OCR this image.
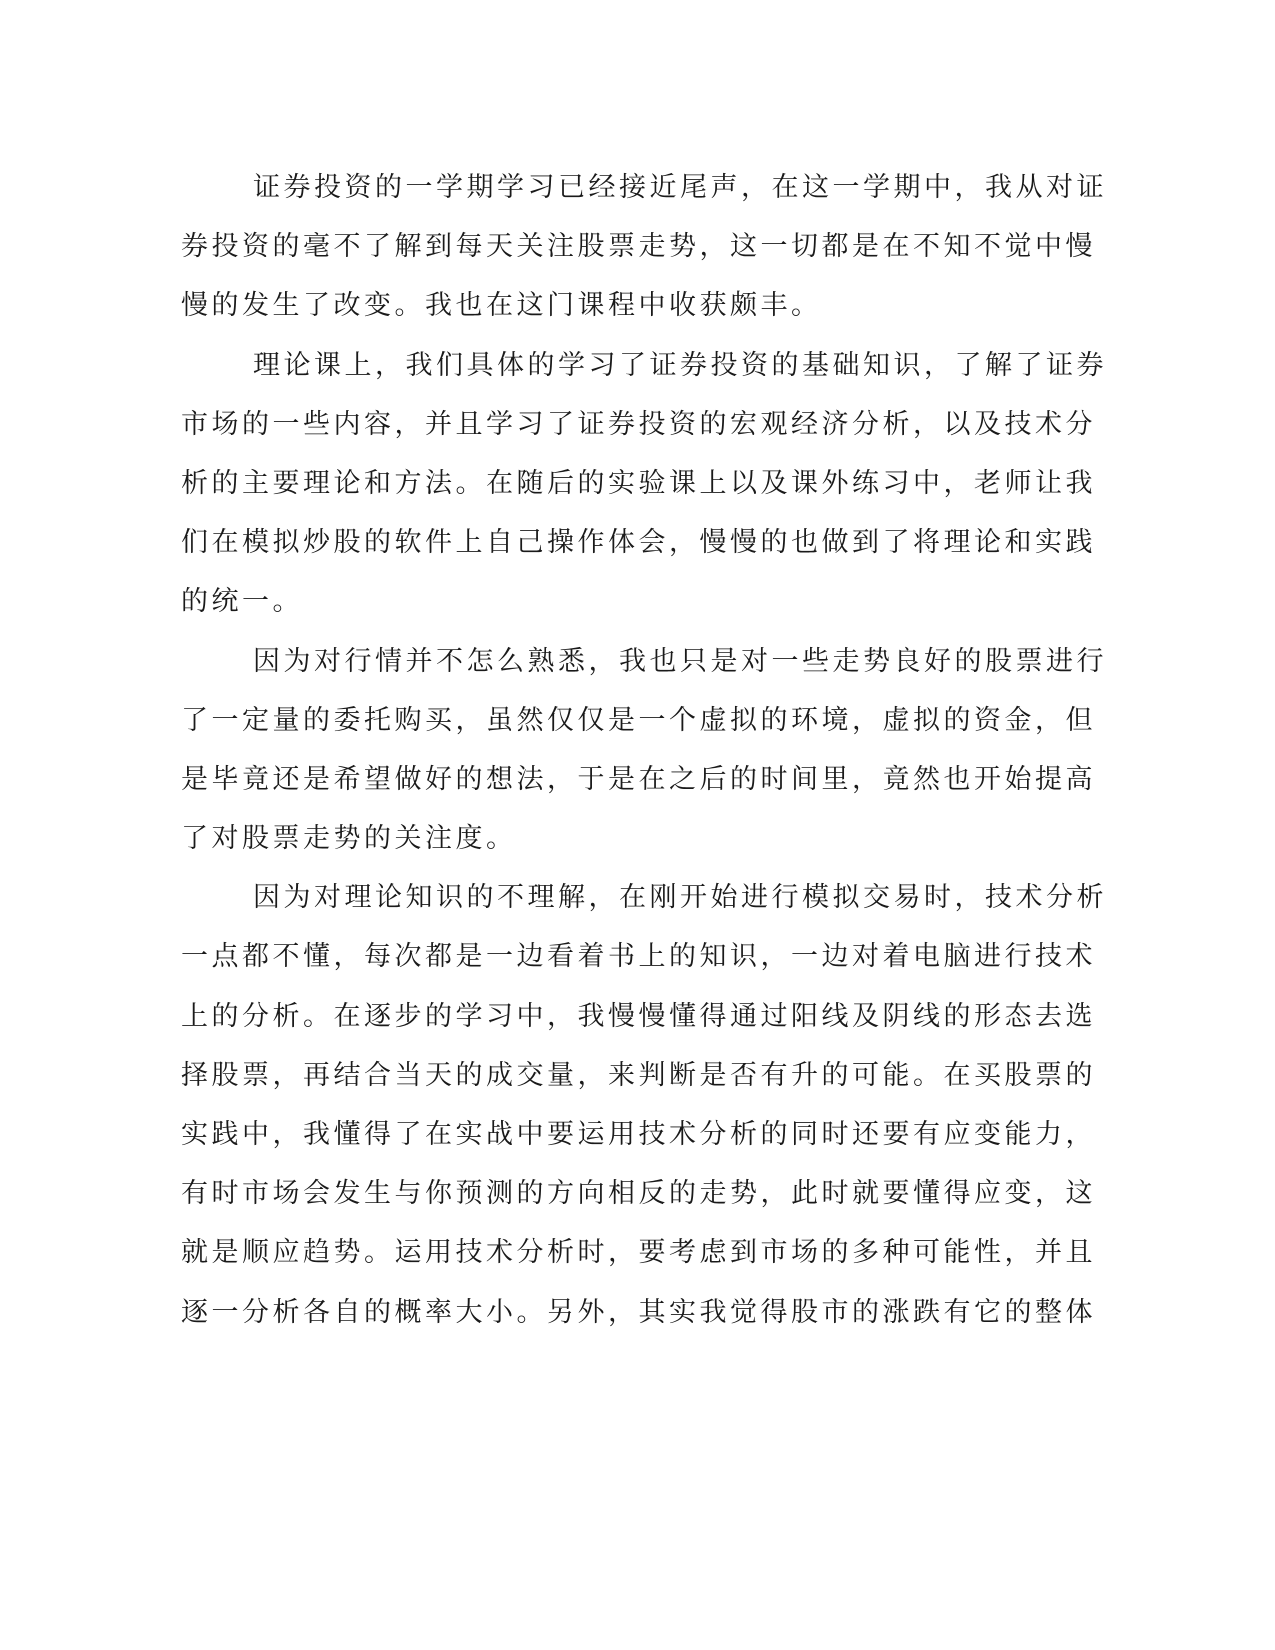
证券投资的一学期学习已经接近尾声，在这一学期中，我从对证
券投资的毫不了解到每天关注股票走势，这一切都是在不知不觉中慢
慢的发生了改变。我也在这门课程中收获颇丰。
理论课上，我们具体的学习了证券投资的基础知识，了解了证券
市场的一些内容，并且学习了证券投资的宏观经济分析，以及技术分
析的主要理论和方法。在随后的实验课上以及课外练习中，老师让我
们在模拟炒股的软件上自己操作体会，慢慢的也做到了将理论和实践
的统一。
因为对行情并不怎么熟悉，我也只是对一些走势良好的股票进行
了一定量的委托购买，虽然仅仅是一个虚拟的环境，虚拟的资金，但
是毕竟还是希望做好的想法，于是在之后的时间里，竟然也开始提高
了对股票走势的关注度。
因为对理论知识的不理解，在刚开始进行模拟交易时，技术分析
一点都不懂，每次都是一边看着书上的知识，一边对着电脑进行技术
上的分析。在逐步的学习中，我慢慢懂得通过阳线及阴线的形态去选
择股票，再结合当天的成交量，来判断是否有升的可能。在买股票的
实践中，我懂得了在实战中要运用技术分析的同时还要有应变能力，
有时市场会发生与你预测的方向相反的走势，此时就要懂得应变，这
就是顺应趋势。运用技术分析时，要考虑到市场的多种可能性，并且
逐一分析各自的概率大小。另外，其实我觉得股市的涨跌有它的整体
